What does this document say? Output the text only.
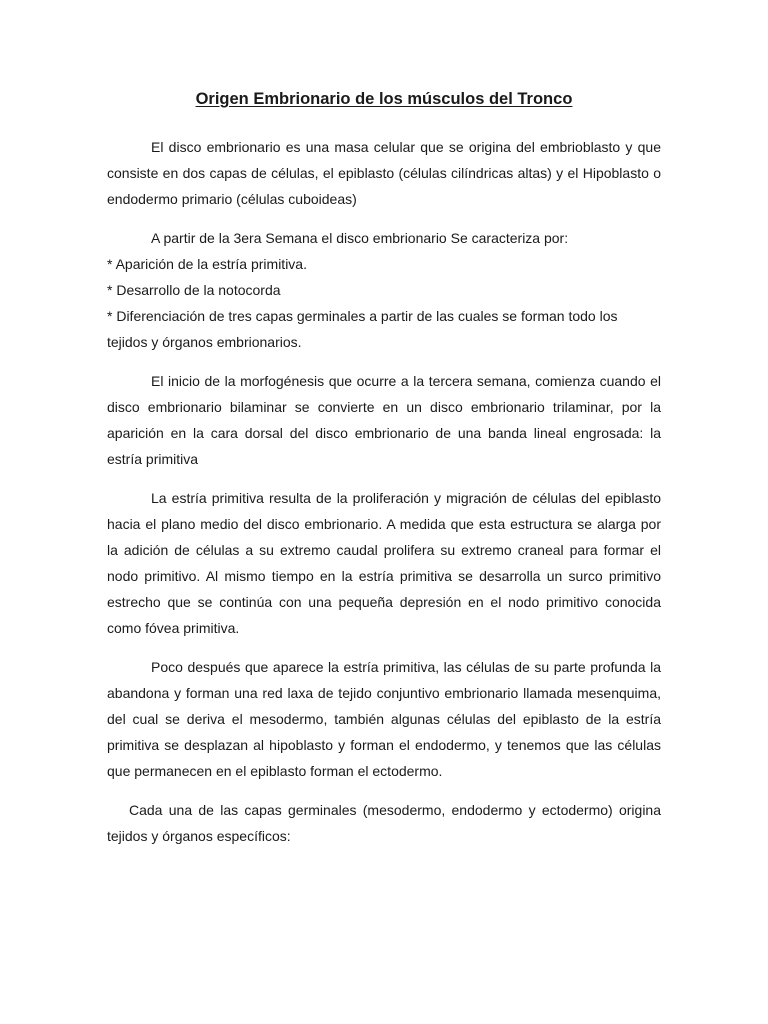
Origen Embrionario de los músculos del Tronco

El disco embrionario es una masa celular que se origina del embrioblasto y que consiste en dos capas de células, el epiblasto (células cilíndricas altas) y el Hipoblasto o endodermo primario (células cuboideas)

A partir de la 3era Semana el disco embrionario Se caracteriza por:

* Aparición de la estría primitiva.

* Desarrollo de la notocorda

* Diferenciación de tres capas germinales a partir de las cuales se forman todo los tejidos y órganos embrionarios.

El inicio de la morfogénesis que ocurre a la tercera semana, comienza cuando el disco embrionario bilaminar se convierte en un disco embrionario trilaminar, por la aparición en la cara dorsal del disco embrionario de una banda lineal engrosada: la estría primitiva

La estría primitiva resulta de la proliferación y migración de células del epiblasto hacia el plano medio del disco embrionario. A medida que esta estructura se alarga por la adición de células a su extremo caudal prolifera su extremo craneal para formar el nodo primitivo. Al mismo tiempo en la estría primitiva se desarrolla un surco primitivo estrecho que se continúa con una pequeña depresión en el nodo primitivo conocida como fóvea primitiva.

Poco después que aparece la estría primitiva, las células de su parte profunda la abandona y forman una red laxa de tejido conjuntivo embrionario llamada mesenquima, del cual se deriva el mesodermo, también algunas células del epiblasto de la estría primitiva se desplazan al hipoblasto y forman el endodermo, y tenemos que las células que permanecen en el epiblasto forman el ectodermo.

Cada una de las capas germinales (mesodermo, endodermo y ectodermo) origina tejidos y órganos específicos:
